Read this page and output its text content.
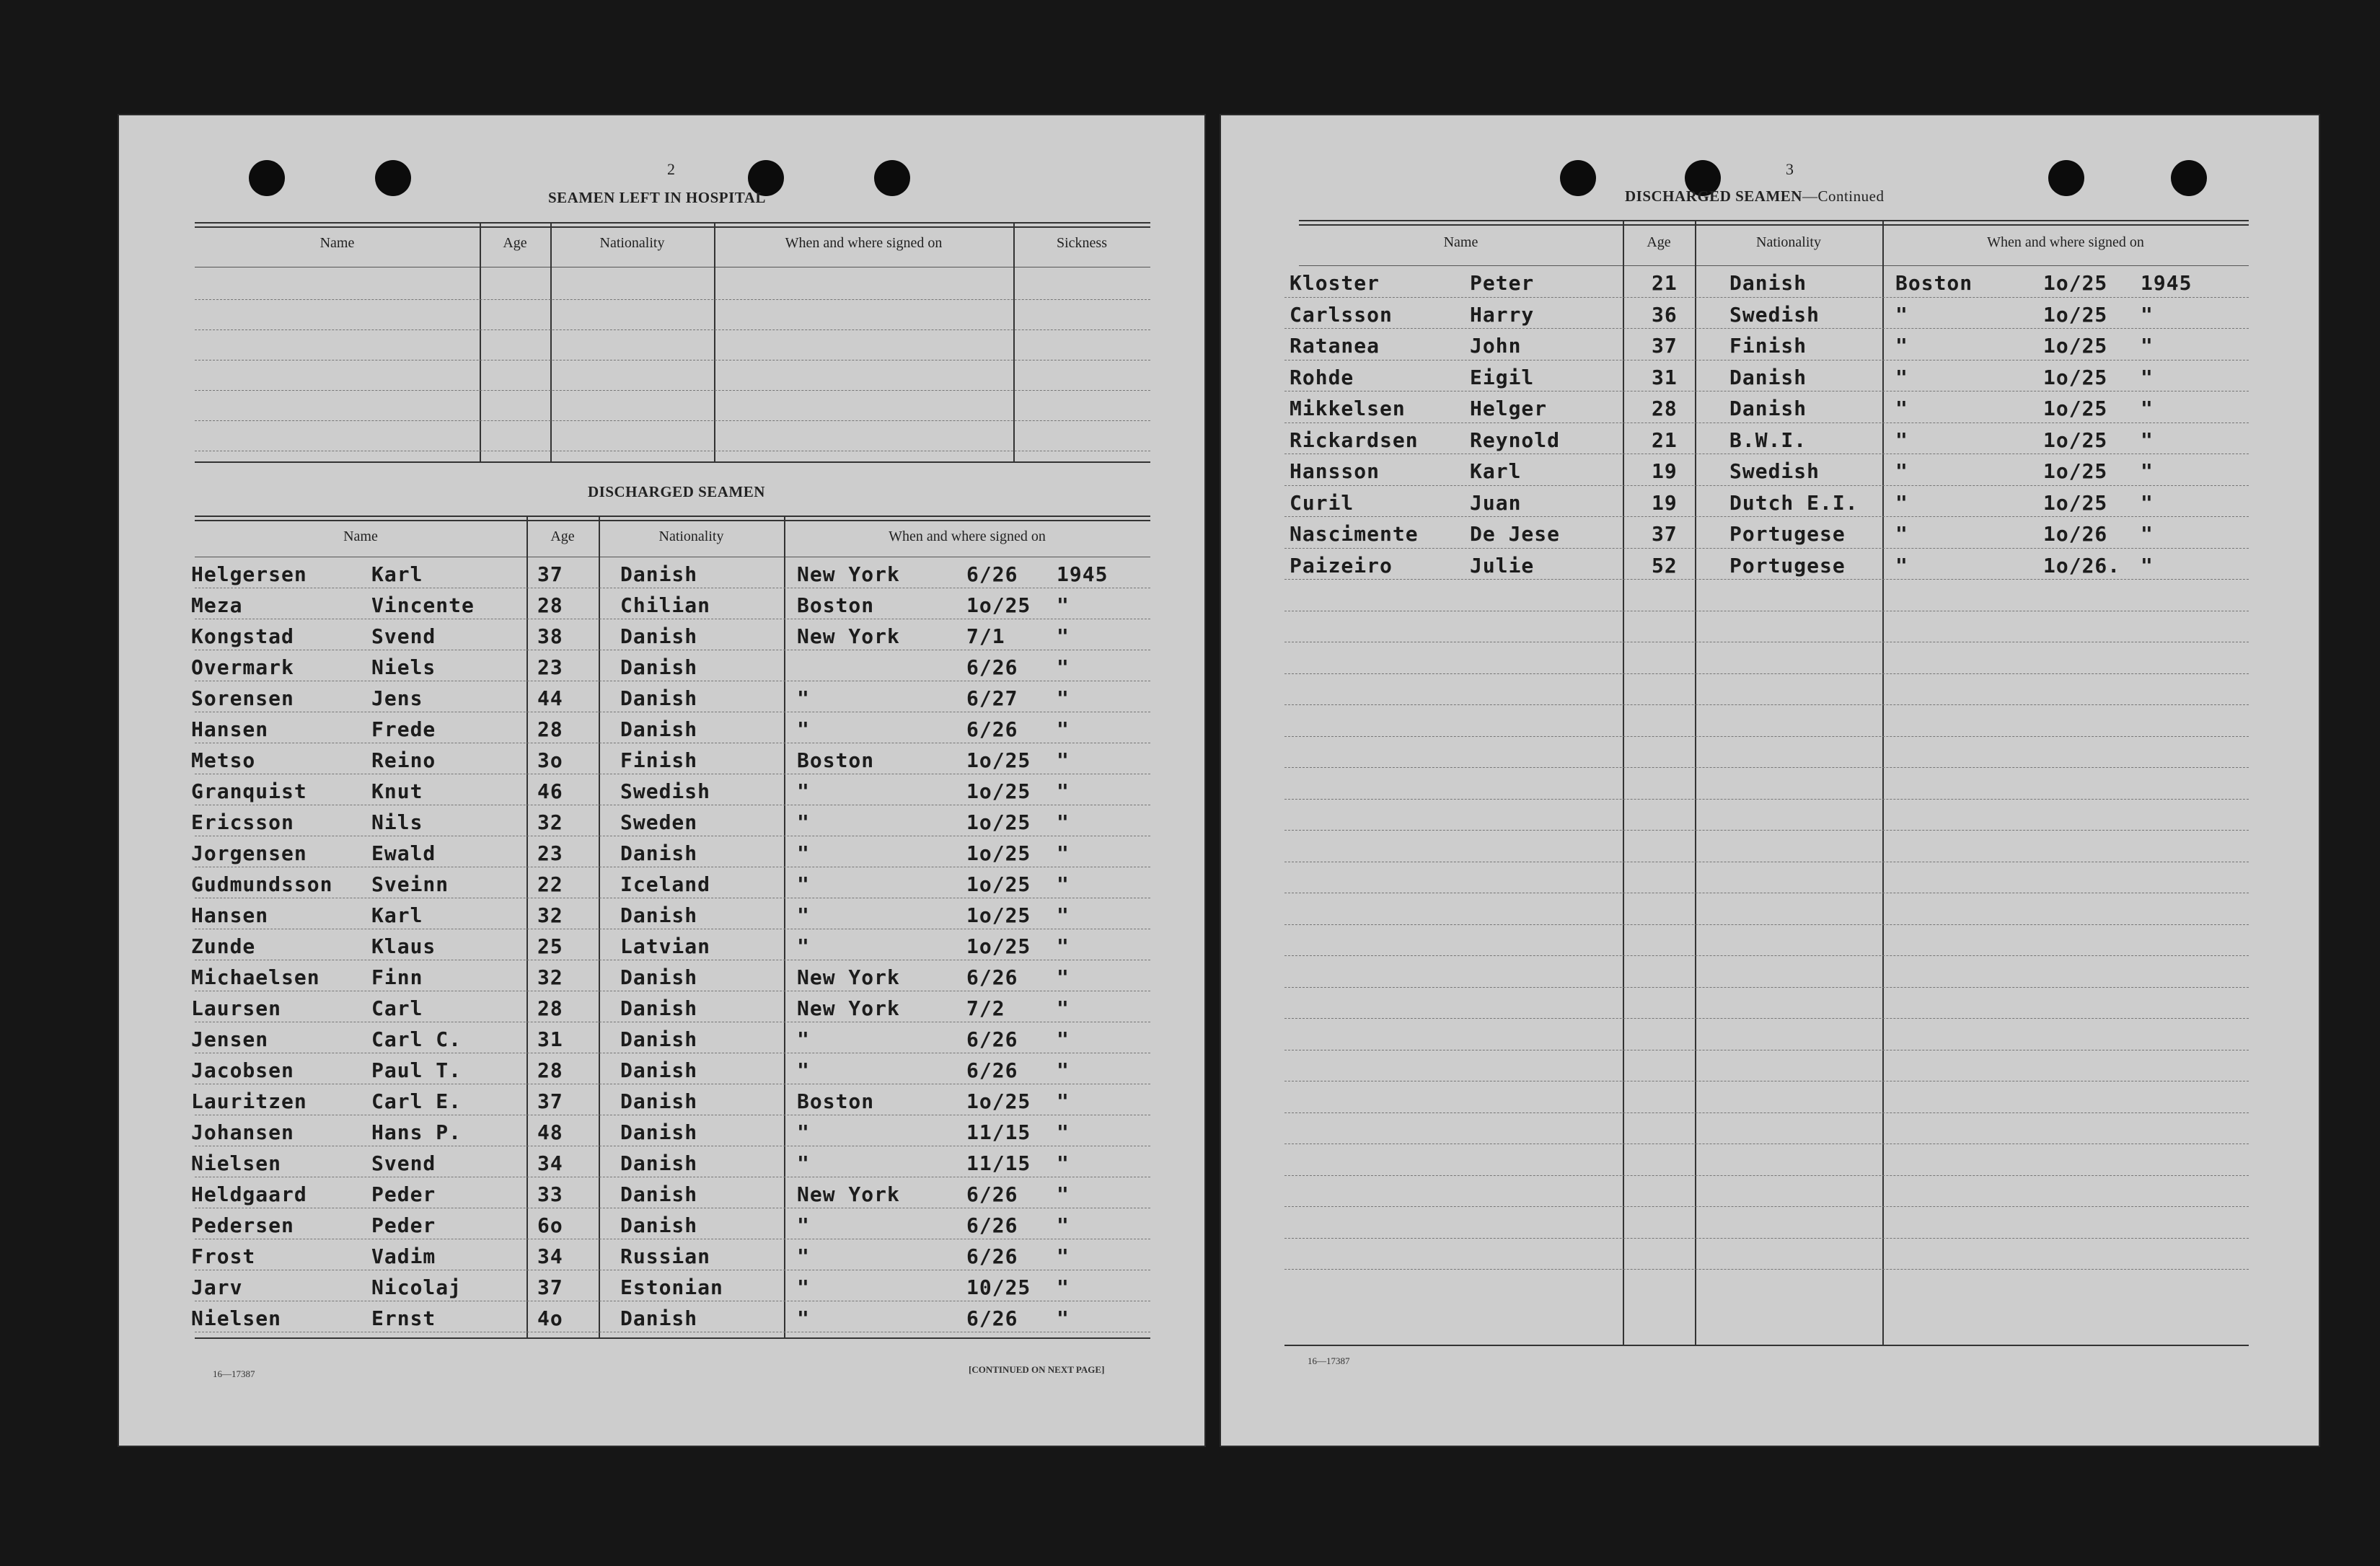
2
SEAMEN LEFT IN HOSPITAL
Name	Age	Nationality	When and where signed on	Sickness
DISCHARGED SEAMEN
Name	Age	Nationality	When and where signed on
Helgersen	Karl	37	Danish	New York	6/26 1945
Meza	Vincente	28	Chilian	Boston	1o/25 "
Kongstad	Svend	38	Danish	New York	7/1	"
Overmark	Niels	23	Danish	6/26 "
Sorensen	Jens	44	Danish	"	6/27 "
Hansen	Frede	28	Danish	"	6/26 "
Metso	Reino	3o	Finish	Boston	1o/25 "
Granquist	Knut	46	Swedish	"	1o/25 "
Ericsson	Nils	32	Sweden	"	1o/25 "
Jorgensen	Ewald	23	Danish	"	1o/25 "
Gudmundsson Sveinn	22	Iceland	"	1o/25 "
Hansen	Karl	32	Danish	"	1o/25 "
Zunde	Klaus	25	Latvian	"	1o/25 "
Michaelsen	Finn	32	Danish	New York	6/26 "
Laursen	Carl	28	Danish	New York	7/2	"
Jensen	Carl C.	31	Danish	"	6/26 "
Jacobsen	Paul T.	28	Danish	"	6/26 "
Lauritzen	Carl E.	37	Danish	Boston	1o/25 "
Johansen	Hans P.	48	Danish	"	11/15 "
Nielsen	Svend	34	Danish	"	11/15 "
Heldgaard	Peder	33	Danish	New York	6/26 "
Pedersen	Peder	6o	Danish	"	6/26 "
Frost	Vadim	34	Russian	"	6/26 "
Jarv	Nicolaj	37	Estonian	"	10/25 "
Nielsen	Ernst	4o	Danish	"	6/26 "
16—17387	[CONTINUED ON NEXT PAGE]
3
DISCHARGED SEAMEN—Continued
Name	Age	Nationality	When and where signed on
Kloster	Peter	21	Danish	Boston	1o/25 1945
Carlsson	Harry	36	Swedish	"	1o/25 "
Ratanea	John	37	Finish	"	1o/25 "
Rohde	Eigil	31	Danish	"	1o/25 "
Mikkelsen	Helger	28	Danish	"	1o/25 "
Rickardsen	Reynold	21	B.W.I.	"	1o/25 "
Hansson	Karl	19	Swedish	"	1o/25 "
Curil	Juan	19	Dutch E.I. "	1o/25 "
Nascimente	De Jese	37	Portugese "	1o/26 "
Paizeiro	Julie	52	Portugese "	1o/26. "
16—17387
